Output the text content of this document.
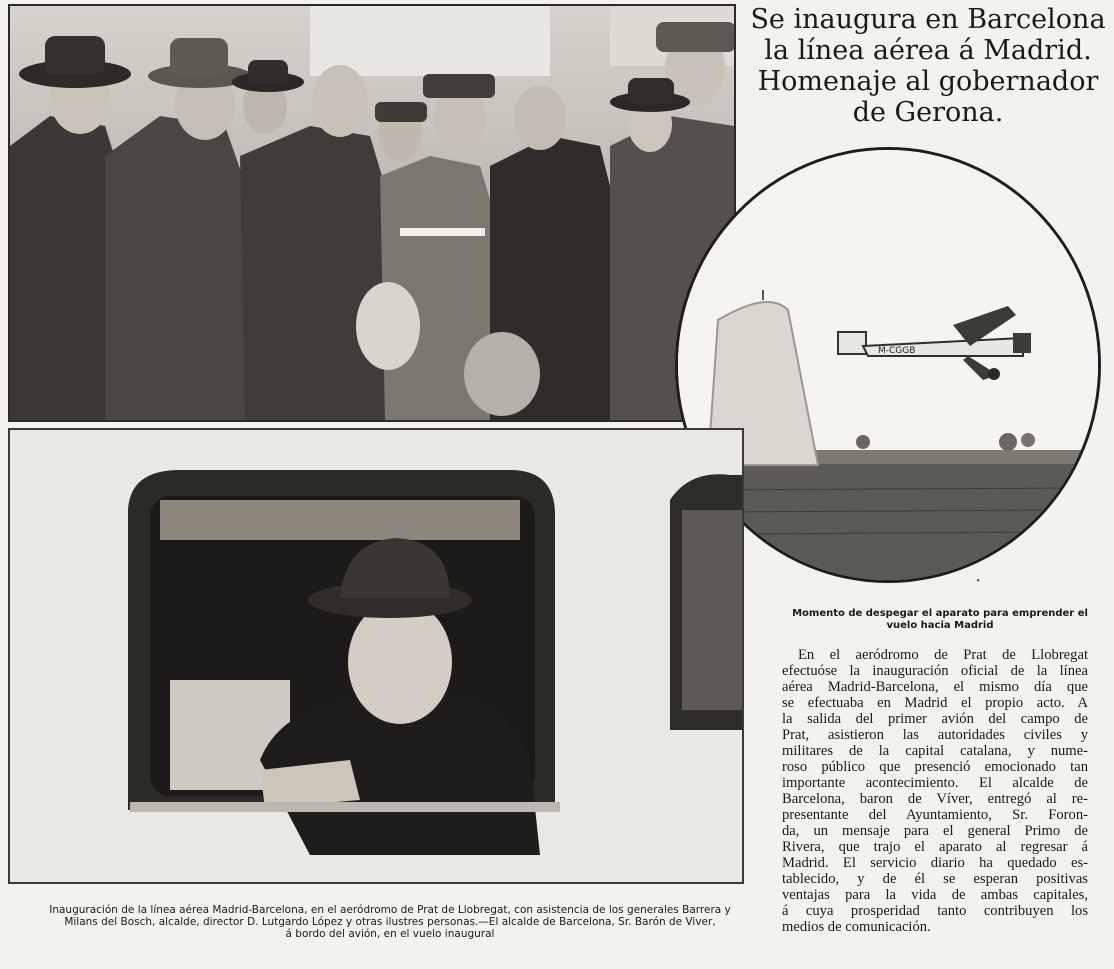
Se inaugura en Barcelona
la línea aérea á Madrid.
Homenaje al gobernador
de Gerona.
M-CGGB
·
Momento de despegar el aparato para emprender el
vuelo hacia Madrid
En el aeródromo de Prat de Llobregat
efectuóse la inauguración oficial de la línea
aérea Madrid-Barcelona, el mismo día que
se efectuaba en Madrid el propio acto. A
la salida del primer avión del campo de
Prat, asistieron las autoridades civiles y
militares de la capital catalana, y nume-
roso público que presenció emocionado tan
importante acontecimiento. El alcalde de
Barcelona, baron de Víver, entregó al re-
presentante del Ayuntamiento, Sr. Foron-
da, un mensaje para el general Primo de
Rivera, que trajo el aparato al regresar á
Madrid. El servicio diario ha quedado es-
tablecido, y de él se esperan positivas
ventajas para la vida de ambas capitales,
á cuya prosperidad tanto contribuyen los
medios de comunicación.
Inauguración de la línea aérea Madrid-Barcelona, en el aeródromo de Prat de Llobregat, con asistencia de los generales Barrera y
Milans del Bosch, alcalde, director D. Lutgardo López y otras ilustres personas.—El alcalde de Barcelona, Sr. Barón de Viver,
á bordo del avión, en el vuelo inaugural
